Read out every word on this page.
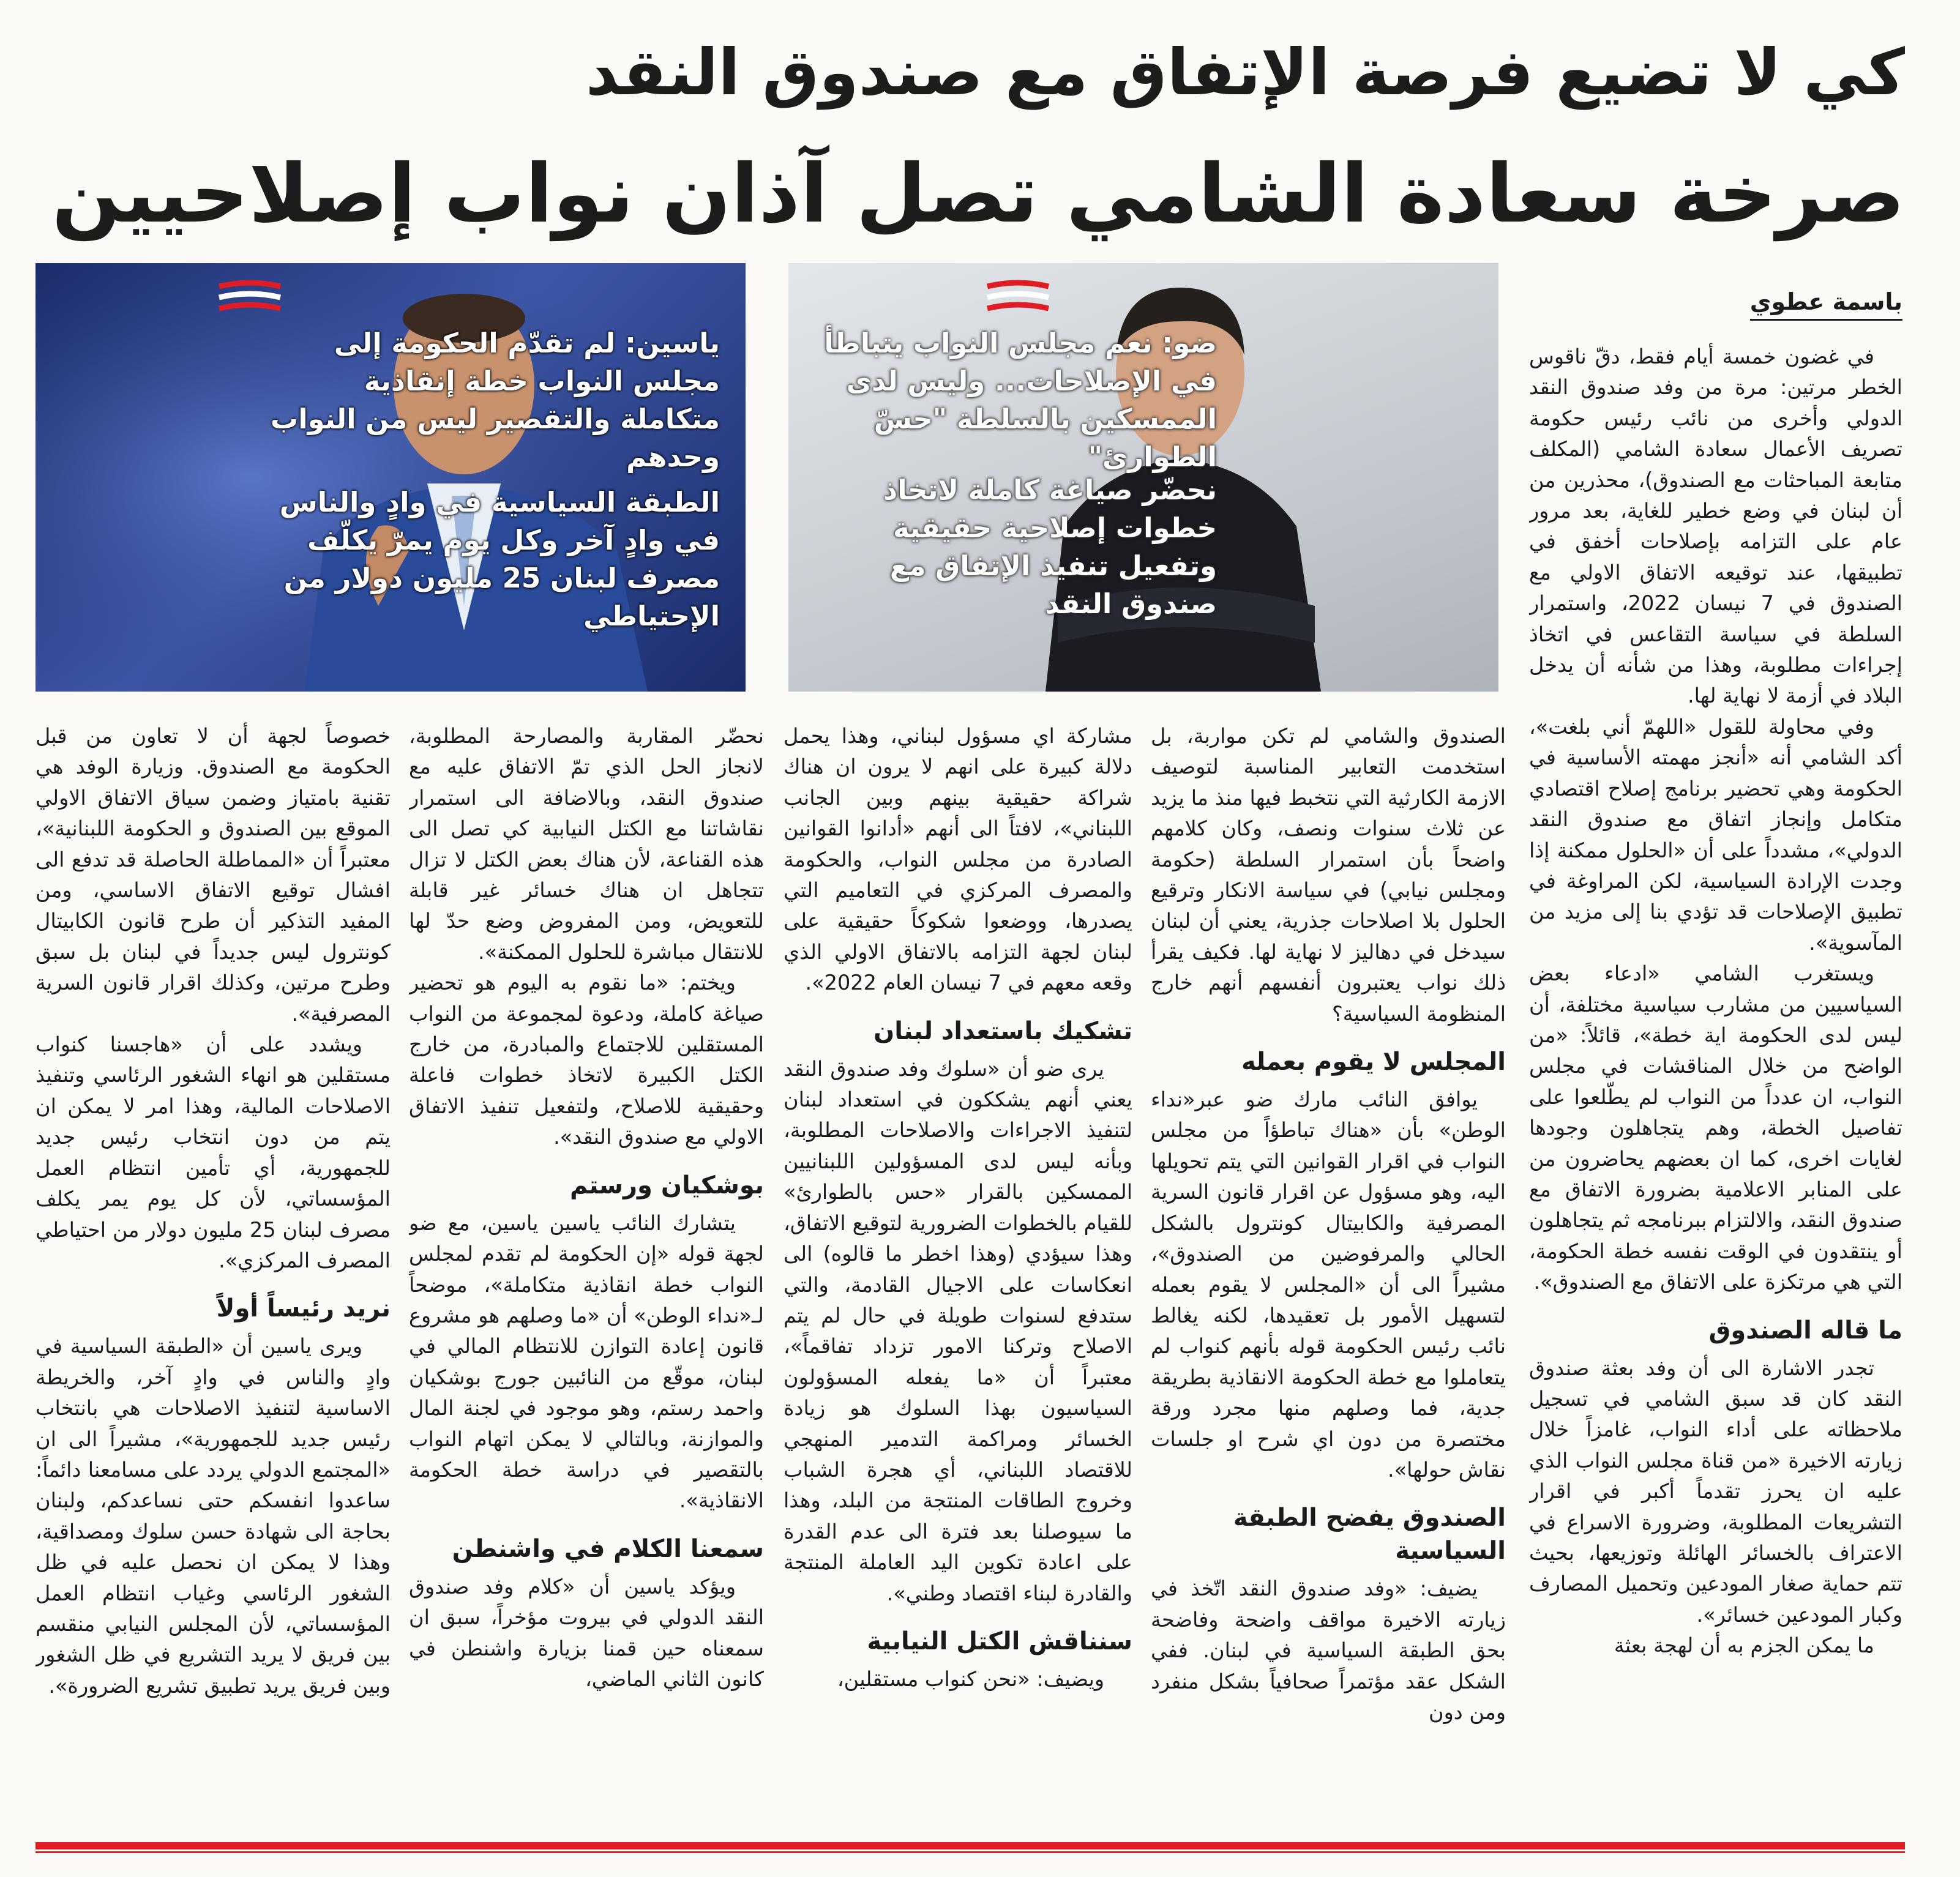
كي لا تضيع فرصة الإتفاق مع صندوق النقد
صرخة سعادة الشامي تصل آذان نواب إصلاحيين
ياسين: لم تقدّم الحكومة إلى مجلس النواب خطة إنقاذية متكاملة والتقصير ليس من النواب وحدهم
الطبقة السياسية في وادٍ والناس في وادٍ آخر وكل يوم يمرّ يكلّف مصرف لبنان 25 مليون دولار من الإحتياطي
ضو: نعم مجلس النواب يتباطأ في الإصلاحات... وليس لدى الممسكين بالسلطة "حسّ الطوارئ"
نحضّر صياغة كاملة لاتخاذ خطوات إصلاحية حقيقية وتفعيل تنفيذ الإتفاق مع صندوق النقد
باسمة عطوي

في غضون خمسة أيام فقط، دقّ ناقوس الخطر مرتين: مرة من وفد صندوق النقد الدولي وأخرى من نائب رئيس حكومة تصريف الأعمال سعادة الشامي (المكلف متابعة المباحثات مع الصندوق)، محذرين من أن لبنان في وضع خطير للغاية، بعد مرور عام على التزامه بإصلاحات أخفق في تطبيقها، عند توقيعه الاتفاق الاولي مع الصندوق في 7 نيسان 2022، واستمرار السلطة في سياسة التقاعس في اتخاذ إجراءات مطلوبة، وهذا من شأنه أن يدخل البلاد في أزمة لا نهاية لها.

وفي محاولة للقول «اللهمّ أني بلغت»، أكد الشامي أنه «أنجز مهمته الأساسية في الحكومة وهي تحضير برنامج إصلاح اقتصادي متكامل وإنجاز اتفاق مع صندوق النقد الدولي»، مشدداً على أن «الحلول ممكنة إذا وجدت الإرادة السياسية، لكن المراوغة في تطبيق الإصلاحات قد تؤدي بنا إلى مزيد من المآسوية».

ويستغرب الشامي «ادعاء بعض السياسيين من مشارب سياسية مختلفة، أن ليس لدى الحكومة اية خطة»، قائلاً: «من الواضح من خلال المناقشات في مجلس النواب، ان عدداً من النواب لم يطّلعوا على تفاصيل الخطة، وهم يتجاهلون وجودها لغايات اخرى، كما ان بعضهم يحاضرون من على المنابر الاعلامية بضرورة الاتفاق مع صندوق النقد، والالتزام ببرنامجه ثم يتجاهلون أو ينتقدون في الوقت نفسه خطة الحكومة، التي هي مرتكزة على الاتفاق مع الصندوق».

ما قاله الصندوق

تجدر الاشارة الى أن وفد بعثة صندوق النقد كان قد سبق الشامي في تسجيل ملاحظاته على أداء النواب، غامزاً خلال زيارته الاخيرة «من قناة مجلس النواب الذي عليه ان يحرز تقدماً أكبر في اقرار التشريعات المطلوبة، وضرورة الاسراع في الاعتراف بالخسائر الهائلة وتوزيعها، بحيث تتم حماية صغار المودعين وتحميل المصارف وكبار المودعين خسائر».

ما يمكن الجزم به أن لهجة بعثة

الصندوق والشامي لم تكن مواربة، بل استخدمت التعابير المناسبة لتوصيف الازمة الكارثية التي نتخبط فيها منذ ما يزيد عن ثلاث سنوات ونصف، وكان كلامهم واضحاً بأن استمرار السلطة (حكومة ومجلس نيابي) في سياسة الانكار وترقيع الحلول بلا اصلاحات جذرية، يعني أن لبنان سيدخل في دهاليز لا نهاية لها. فكيف يقرأ ذلك نواب يعتبرون أنفسهم أنهم خارج المنظومة السياسية؟

المجلس لا يقوم بعمله

يوافق النائب مارك ضو عبر«نداء الوطن» بأن «هناك تباطؤاً من مجلس النواب في اقرار القوانين التي يتم تحويلها اليه، وهو مسؤول عن اقرار قانون السرية المصرفية والكابيتال كونترول بالشكل الحالي والمرفوضين من الصندوق»، مشيراً الى أن «المجلس لا يقوم بعمله لتسهيل الأمور بل تعقيدها، لكنه يغالط نائب رئيس الحكومة قوله بأنهم كنواب لم يتعاملوا مع خطة الحكومة الانقاذية بطريقة جدية، فما وصلهم منها مجرد ورقة مختصرة من دون اي شرح او جلسات نقاش حولها».

الصندوق يفضح الطبقة السياسية

يضيف: «وفد صندوق النقد اتّخذ في زيارته الاخيرة مواقف واضحة وفاضحة بحق الطبقة السياسية في لبنان. ففي الشكل عقد مؤتمراً صحافياً بشكل منفرد ومن دون

مشاركة اي مسؤول لبناني، وهذا يحمل دلالة كبيرة على انهم لا يرون ان هناك شراكة حقيقية بينهم وبين الجانب اللبناني»، لافتاً الى أنهم «أدانوا القوانين الصادرة من مجلس النواب، والحكومة والمصرف المركزي في التعاميم التي يصدرها، ووضعوا شكوكاً حقيقية على لبنان لجهة التزامه بالاتفاق الاولي الذي وقعه معهم في 7 نيسان العام 2022».

تشكيك باستعداد لبنان

يرى ضو أن «سلوك وفد صندوق النقد يعني أنهم يشككون في استعداد لبنان لتنفيذ الاجراءات والاصلاحات المطلوبة، وبأنه ليس لدى المسؤولين اللبنانيين الممسكين بالقرار «حس بالطوارئ» للقيام بالخطوات الضرورية لتوقيع الاتفاق، وهذا سيؤدي (وهذا اخطر ما قالوه) الى انعكاسات على الاجيال القادمة، والتي ستدفع لسنوات طويلة في حال لم يتم الاصلاح وتركنا الامور تزداد تفاقماً»، معتبراً أن «ما يفعله المسؤولون السياسيون بهذا السلوك هو زيادة الخسائر ومراكمة التدمير المنهجي للاقتصاد اللبناني، أي هجرة الشباب وخروج الطاقات المنتجة من البلد، وهذا ما سيوصلنا بعد فترة الى عدم القدرة على اعادة تكوين اليد العاملة المنتجة والقادرة لبناء اقتصاد وطني».

سنناقش الكتل النيابية

ويضيف: «نحن كنواب مستقلين،

نحضّر المقاربة والمصارحة المطلوبة، لانجاز الحل الذي تمّ الاتفاق عليه مع صندوق النقد، وبالاضافة الى استمرار نقاشاتنا مع الكتل النيابية كي تصل الى هذه القناعة، لأن هناك بعض الكتل لا تزال تتجاهل ان هناك خسائر غير قابلة للتعويض، ومن المفروض وضع حدّ لها للانتقال مباشرة للحلول الممكنة».

ويختم: «ما نقوم به اليوم هو تحضير صياغة كاملة، ودعوة لمجموعة من النواب المستقلين للاجتماع والمبادرة، من خارج الكتل الكبيرة لاتخاذ خطوات فاعلة وحقيقية للاصلاح، ولتفعيل تنفيذ الاتفاق الاولي مع صندوق النقد».

بوشكيان ورستم

يتشارك النائب ياسين ياسين، مع ضو لجهة قوله «إن الحكومة لم تقدم لمجلس النواب خطة انقاذية متكاملة»، موضحاً لـ«نداء الوطن» أن «ما وصلهم هو مشروع قانون إعادة التوازن للانتظام المالي في لبنان، موقّع من النائبين جورج بوشكيان واحمد رستم، وهو موجود في لجنة المال والموازنة، وبالتالي لا يمكن اتهام النواب بالتقصير في دراسة خطة الحكومة الانقاذية».

سمعنا الكلام في واشنطن

ويؤكد ياسين أن «كلام وفد صندوق النقد الدولي في بيروت مؤخراً، سبق ان سمعناه حين قمنا بزيارة واشنطن في كانون الثاني الماضي،

خصوصاً لجهة أن لا تعاون من قبل الحكومة مع الصندوق. وزيارة الوفد هي تقنية بامتياز وضمن سياق الاتفاق الاولي الموقع بين الصندوق و الحكومة اللبنانية»، معتبراً أن «المماطلة الحاصلة قد تدفع الى افشال توقيع الاتفاق الاساسي، ومن المفيد التذكير أن طرح قانون الكابيتال كونترول ليس جديداً في لبنان بل سبق وطرح مرتين، وكذلك اقرار قانون السرية المصرفية».

ويشدد على أن «هاجسنا كنواب مستقلين هو انهاء الشغور الرئاسي وتنفيذ الاصلاحات المالية، وهذا امر لا يمكن ان يتم من دون انتخاب رئيس جديد للجمهورية، أي تأمين انتظام العمل المؤسساتي، لأن كل يوم يمر يكلف مصرف لبنان 25 مليون دولار من احتياطي المصرف المركزي».

نريد رئيساً أولاً

ويرى ياسين أن «الطبقة السياسية في وادٍ والناس في وادٍ آخر، والخريطة الاساسية لتنفيذ الاصلاحات هي بانتخاب رئيس جديد للجمهورية»، مشيراً الى ان «المجتمع الدولي يردد على مسامعنا دائماً: ساعدوا انفسكم حتى نساعدكم، ولبنان بحاجة الى شهادة حسن سلوك ومصداقية، وهذا لا يمكن ان نحصل عليه في ظل الشغور الرئاسي وغياب انتظام العمل المؤسساتي، لأن المجلس النيابي منقسم بين فريق لا يريد التشريع في ظل الشغور وبين فريق يريد تطبيق تشريع الضرورة».
